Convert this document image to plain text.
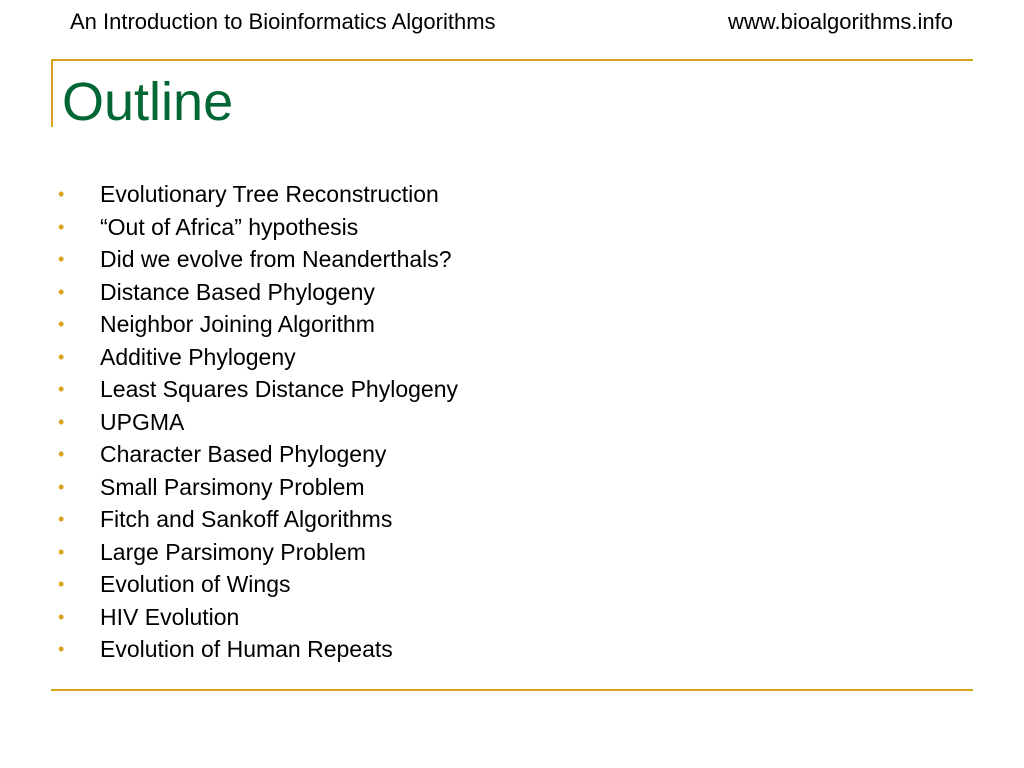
An Introduction to Bioinformatics Algorithms	www.bioalgorithms.info
Outline
•	Evolutionary Tree Reconstruction
•	“Out of Africa” hypothesis
•	Did we evolve from Neanderthals?
•	Distance Based Phylogeny
•	Neighbor Joining Algorithm
•	Additive Phylogeny
•	Least Squares Distance Phylogeny
•	UPGMA
•	Character Based Phylogeny
•	Small Parsimony Problem
•	Fitch and Sankoff Algorithms
•	Large Parsimony Problem
•	Evolution of Wings
•	HIV Evolution
•	Evolution of Human Repeats
